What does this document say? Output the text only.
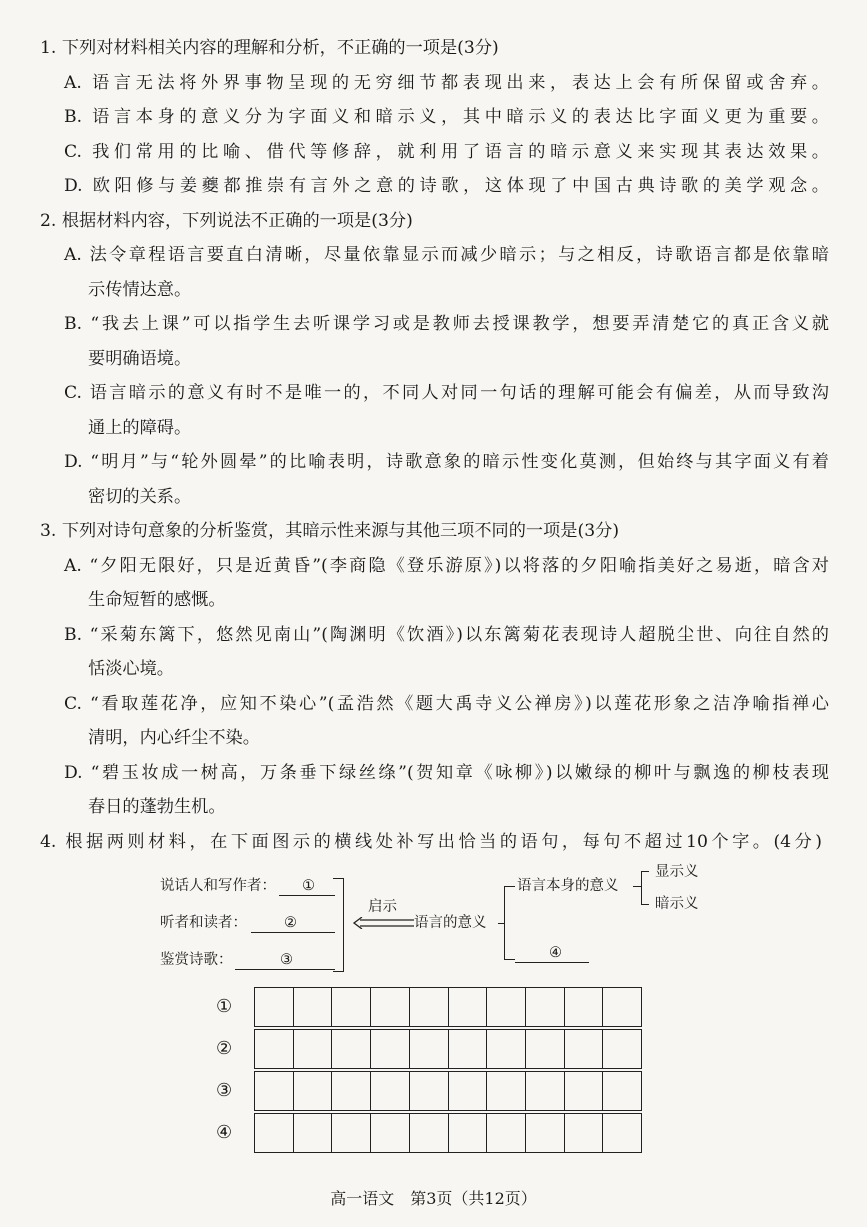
1. 下列对材料相关内容的理解和分析，不正确的一项是(3分)
A. 语言无法将外界事物呈现的无穷细节都表现出来，表达上会有所保留或舍弃。
B. 语言本身的意义分为字面义和暗示义，其中暗示义的表达比字面义更为重要。
C. 我们常用的比喻、借代等修辞，就利用了语言的暗示意义来实现其表达效果。
D. 欧阳修与姜夔都推崇有言外之意的诗歌，这体现了中国古典诗歌的美学观念。
2. 根据材料内容，下列说法不正确的一项是(3分)
A. 法令章程语言要直白清晰，尽量依靠显示而减少暗示；与之相反，诗歌语言都是依靠暗
示传情达意。
B. “我去上课”可以指学生去听课学习或是教师去授课教学，想要弄清楚它的真正含义就
要明确语境。
C. 语言暗示的意义有时不是唯一的，不同人对同一句话的理解可能会有偏差，从而导致沟
通上的障碍。
D. “明月”与“轮外圆晕”的比喻表明，诗歌意象的暗示性变化莫测，但始终与其字面义有着
密切的关系。
3. 下列对诗句意象的分析鉴赏，其暗示性来源与其他三项不同的一项是(3分)
A. “夕阳无限好，只是近黄昏”(李商隐《登乐游原》)以将落的夕阳喻指美好之易逝，暗含对
生命短暂的感慨。
B. “采菊东篱下，悠然见南山”(陶渊明《饮酒》)以东篱菊花表现诗人超脱尘世、向往自然的
恬淡心境。
C. “看取莲花净，应知不染心”(孟浩然《题大禹寺义公禅房》)以莲花形象之洁净喻指禅心
清明，内心纤尘不染。
D. “碧玉妆成一树高，万条垂下绿丝绦”(贺知章《咏柳》)以嫩绿的柳叶与飘逸的柳枝表现
春日的蓬勃生机。
4. 根据两则材料，在下面图示的横线处补写出恰当的语句，每句不超过10个字。(4分)
说话人和写作者： ①
听者和读者：	②
鉴赏诗歌：	③
启示
语言的意义
语言本身的意义
④
显示义
暗示义
①
②
③
④
高一语文　第3页（共12页）
